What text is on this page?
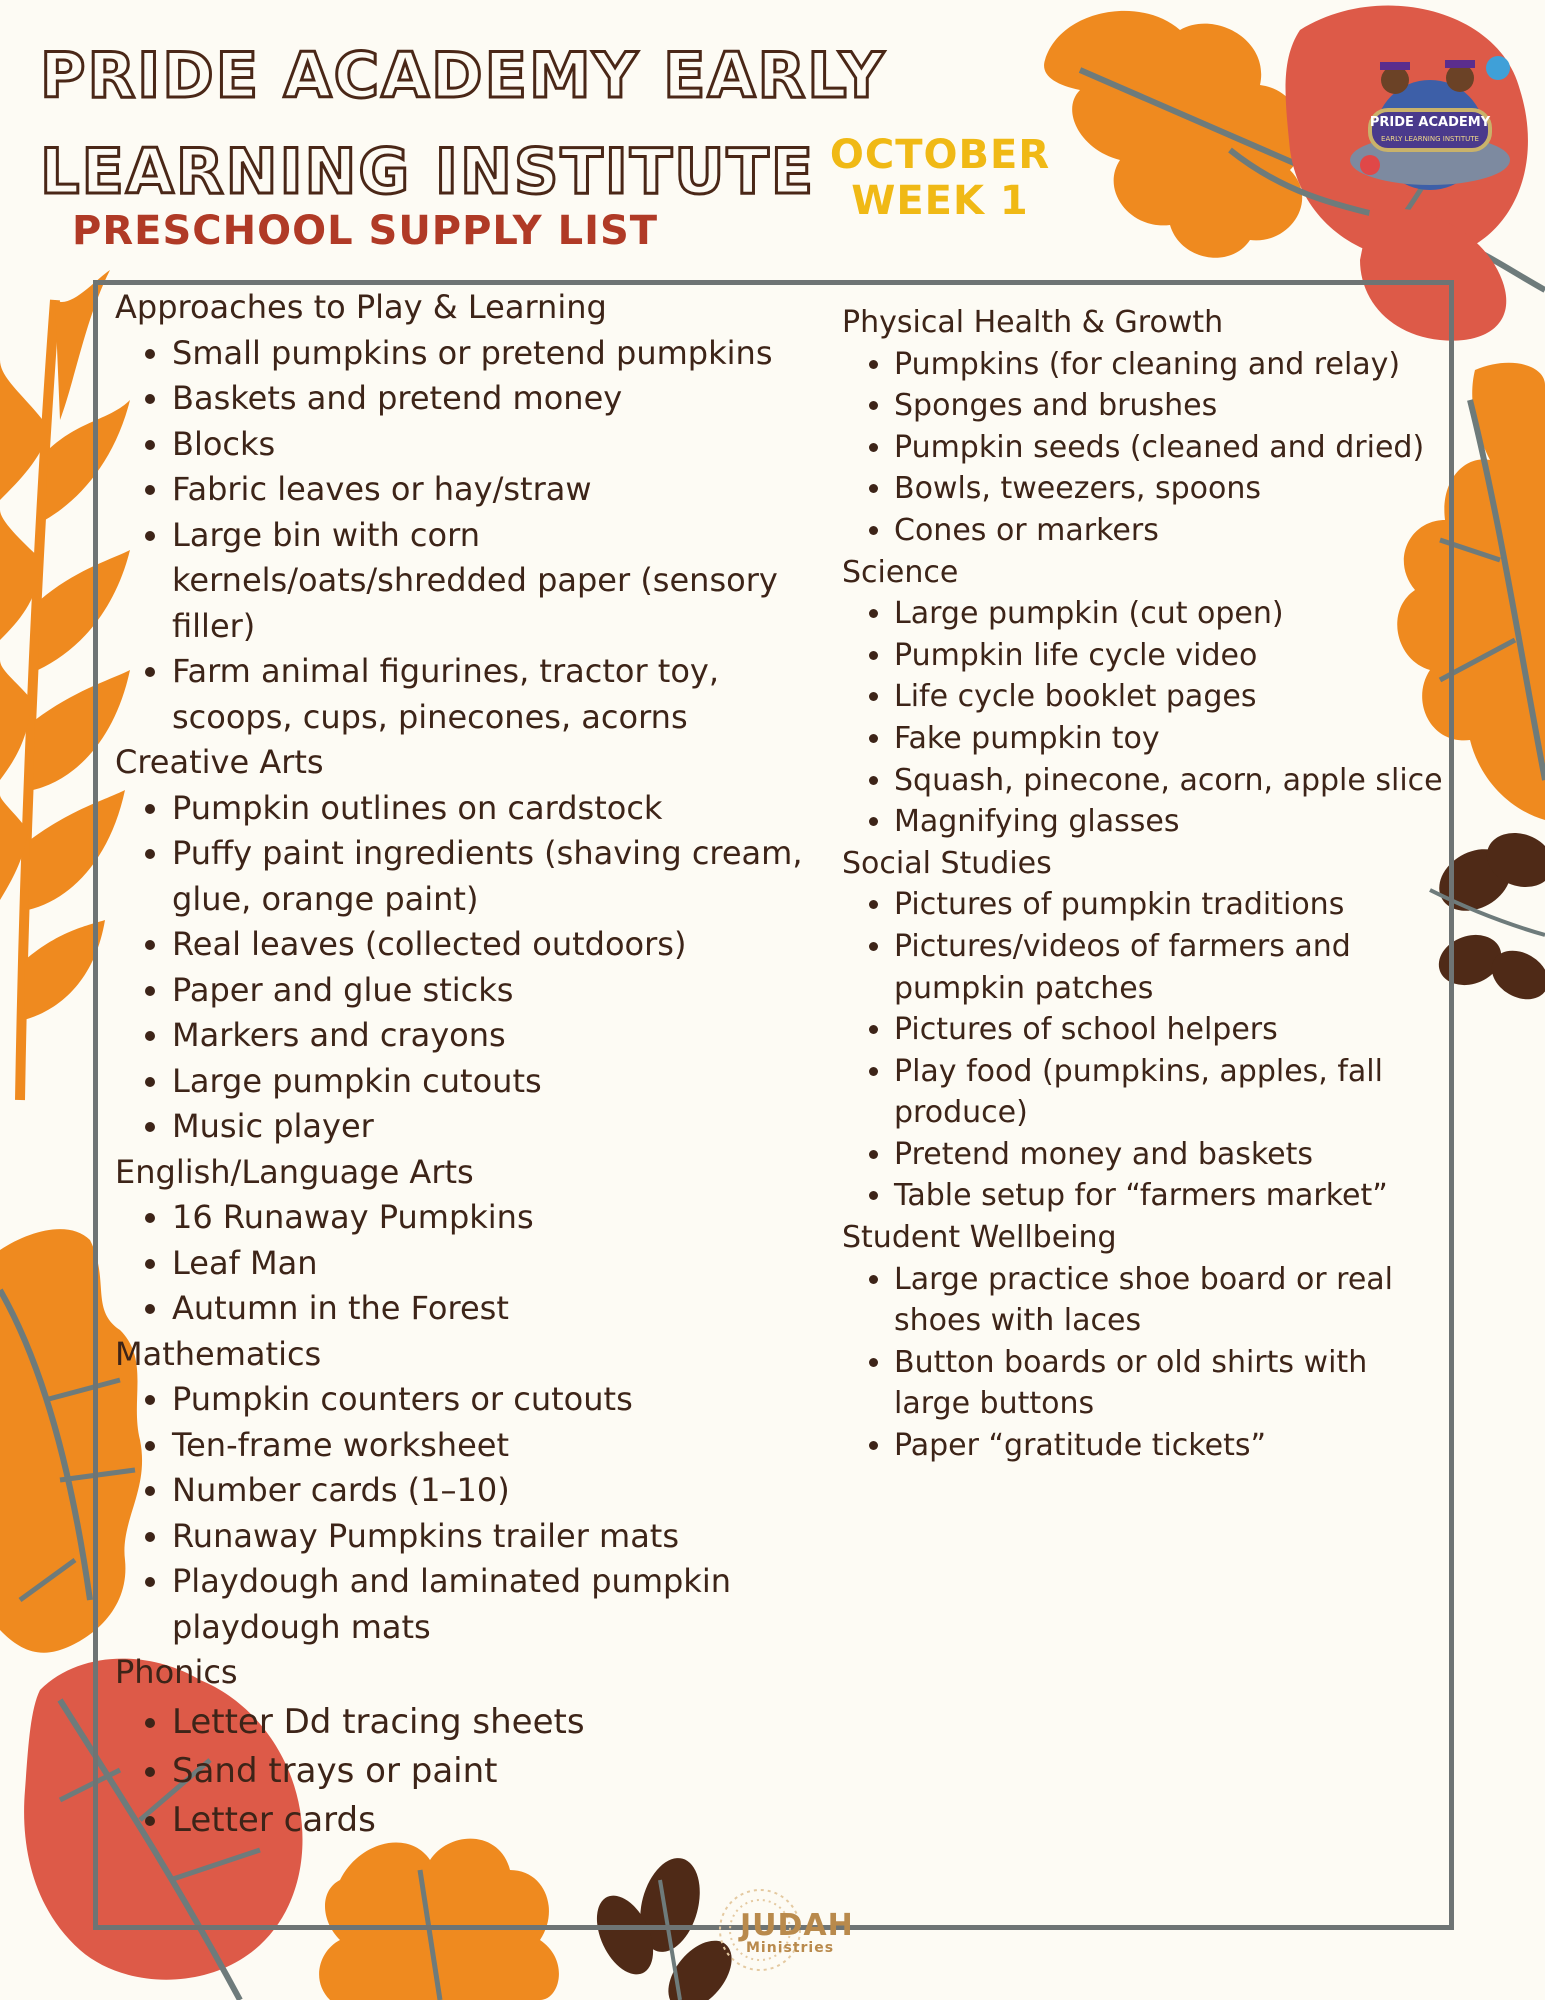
PRIDE ACADEMY EARLY
LEARNING INSTITUTE
PRESCHOOL SUPPLY LIST
OCTOBER
WEEK 1
PRIDE ACADEMY
EARLY LEARNING INSTITUTE

Approaches to Play & Learning

• Small pumpkins or pretend pumpkins
• Baskets and pretend money
• Blocks
• Fabric leaves or hay/straw
• Large bin with corn kernels/oats/shredded paper (sensory filler)
• Farm animal figurines, tractor toy, scoops, cups, pinecones, acorns

Creative Arts

• Pumpkin outlines on cardstock
• Puffy paint ingredients (shaving cream, glue, orange paint)
• Real leaves (collected outdoors)
• Paper and glue sticks
• Markers and crayons
• Large pumpkin cutouts
• Music player

English/Language Arts

• 16 Runaway Pumpkins
• Leaf Man
• Autumn in the Forest

Mathematics

• Pumpkin counters or cutouts
• Ten-frame worksheet
• Number cards (1–10)
• Runaway Pumpkins trailer mats
• Playdough and laminated pumpkin playdough mats

Phonics

• Letter Dd tracing sheets
• Sand trays or paint
• Letter cards

Physical Health & Growth

• Pumpkins (for cleaning and relay)
• Sponges and brushes
• Pumpkin seeds (cleaned and dried)
• Bowls, tweezers, spoons
• Cones or markers

Science

• Large pumpkin (cut open)
• Pumpkin life cycle video
• Life cycle booklet pages
• Fake pumpkin toy
• Squash, pinecone, acorn, apple slice
• Magnifying glasses

Social Studies

• Pictures of pumpkin traditions
• Pictures/videos of farmers and pumpkin patches
• Pictures of school helpers
• Play food (pumpkins, apples, fall produce)
• Pretend money and baskets
• Table setup for “farmers market”

Student Wellbeing

• Large practice shoe board or real shoes with laces
• Button boards or old shirts with large buttons
• Paper “gratitude tickets”
JUDAH
Ministries
